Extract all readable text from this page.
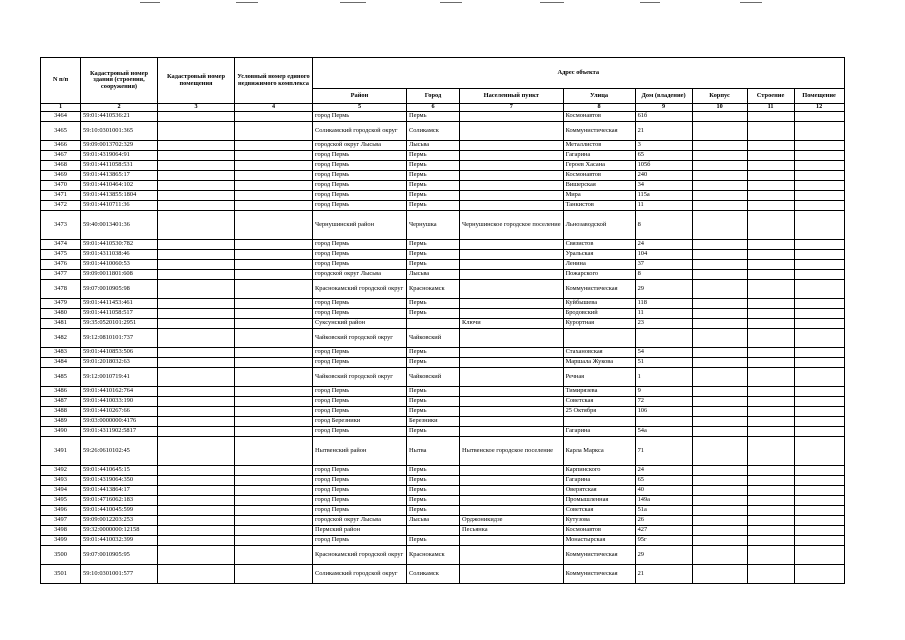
N п/п	Кадастровый номер здания (строения, сооружения)	Кадастровый номер помещения	Условный номер единого недвижимого комплекса	Адрес объекта							
				Район	Город	Населенный пункт	Улица	Дом (владение)	Корпус	Строение	Помещение
1	2	3	4	5	6	7	8	9	10	11	12
3464	59:01:4410536:21			город Пермь	Пермь		Космонавтов	61б			
3465	59:10:0301001:365			Соликамский городской округ	Соликамск		Коммунистическая	21			
3466	59:09:0013702:329			городской округ Лысьва	Лысьва		Металлистов	3			
3467	59:01:4319064:91			город Пермь	Пермь		Гагарина	65			
3468	59:01:4411058:531			город Пермь	Пермь		Героев Хасана	105б			
3469	59:01:4413865:17			город Пермь	Пермь		Космонавтов	240			
3470	59:01:4410464:102			город Пермь	Пермь		Вишерская	34			
3471	59:01:4413855:1804			город Пермь	Пермь		Мира	115а			
3472	59:01:4410711:36			город Пермь	Пермь		Танкистов	11			
3473	59:40:0013401:36			Чернушинский район	Чернушка	Чернушинское городское поселение	Льнозаводской	8			
3474	59:01:4410530:782			город Пермь	Пермь		Связистов	24			
3475	59:01:4311038:46			город Пермь	Пермь		Уральская	104			
3476	59:01:4410060:53			город Пермь	Пермь		Ленина	37			
3477	59:09:0011801:608			городской округ Лысьва	Лысьва		Пожарского	8			
3478	59:07:0010905:98			Краснокамский городской округ	Краснокамск		Коммунистическая	29			
3479	59:01:4411453:461			город Пермь	Пермь		Куйбышева	118			
3480	59:01:4411058:517			город Пермь	Пермь		Бродовский	11			
3481	59:35:0520101:2951			Суксунский район		Ключи	Курортная	23			
3482	59:12:0810101:737			Чайковский городской округ	Чайковский						
3483	59:01:4410853:506			город Пермь	Пермь		Стахановская	54			
3484	59:01:2018032:63			город Пермь	Пермь		Маршала Жукова	51			
3485	59:12:0010719:41			Чайковский городской округ	Чайковский		Речная	1			
3486	59:01:4410162:764			город Пермь	Пермь		Тимирязева	9			
3487	59:01:4410033:190			город Пермь	Пермь		Советская	72			
3488	59:01:4410267:66			город Пермь	Пермь		25 Октября	106			
3489	59:03:0000000:4176			город Березники	Березники						
3490	59:01:4311902:5817			город Пермь	Пермь		Гагарина	54а			
3491	59:26:0610102:45			Нытвенский район	Нытва	Нытвенское городское поселение	Карла Маркса	71			
3492	59:01:4410645:15			город Пермь	Пермь		Карпинского	24			
3493	59:01:4319064:350			город Пермь	Пермь		Гагарина	65			
3494	59:01:4413864:17			город Пермь	Пермь		Оверятская	40			
3495	59:01:4716062:183			город Пермь	Пермь		Промышленная	149а			
3496	59:01:4410045:599			город Пермь	Пермь		Советская	51а			
3497	59:09:0012203:253			городской округ Лысьва	Лысьва	Орджоникидзе	Кутузова	26			
3498	59:32:0000000:12158			Пермский район		Песьянка	Космонавтов	427			
3499	59:01:4410032:399			город Пермь	Пермь		Монастырская	95г			
3500	59:07:0010905:95			Краснокамский городской округ	Краснокамск		Коммунистическая	29			
3501	59:10:0301001:577			Соликамский городской округ	Соликамск		Коммунистическая	21			
